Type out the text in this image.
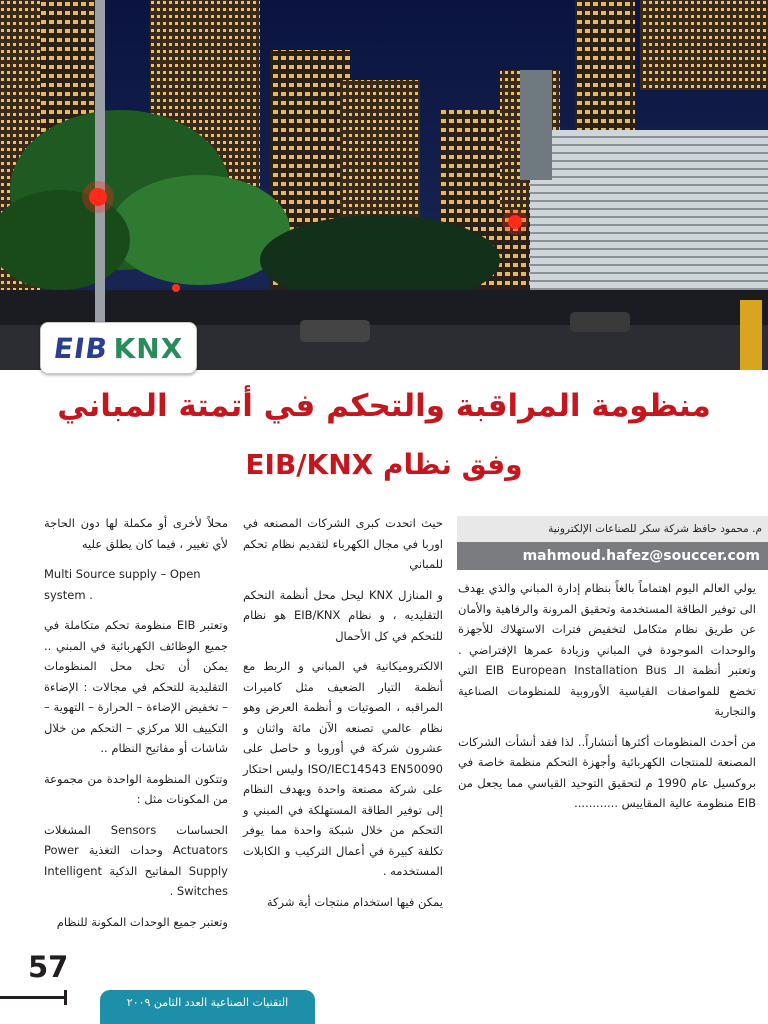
EIB KNX
منظومة المراقبة والتحكم في أتمتة المباني
وفق نظام EIB/KNX
م. محمود حافظ شركة سكر للصناعات الإلكترونية
mahmoud.hafez@souccer.com

يولي العالم اليوم اهتماماً بالغاً بنظام إدارة المباني والذي يهدف الى توفير الطاقة المستخدمة وتحقيق المرونة والرفاهية والأمان عن طريق نظام متكامل لتخفيض فترات الاستهلاك للأجهزة والوحدات الموجودة في المباني وزيادة عمرها الإفتراضي . وتعتبر أنظمة الـ EIB European Installation Bus التي تخضع للمواصفات القياسية الأوروبية للمنظومات الصناعية والتجارية

من أحدث المنظومات أكثرها أنتشاراً.. لذا فقد أنشأت الشركات المصنعة للمنتجات الكهربائية وأجهزة التحكم منظمة خاصة في بروكسيل عام 1990 م لتحقيق التوحيد القياسي مما يجعل من EIB منظومة عالية المقاييس ............

حيث اتحدت كبرى الشركات المصنعه في اوربا في مجال الكهرباء لتقديم نظام تحكم للمباني

و المنازل KNX ليحل محل أنظمة التحكم التقليديه ، و نظام EIB/KNX هو نظام للتحكم في كل الأحمال

الالكتروميكانية في المباني و الربط مع أنظمة التيار الضعيف مثل كاميرات المراقبه ، الصوتيات و أنظمة العرض وهو نظام عالمي تصنعه الآن مائة واثنان و عشرون شركة في أوروبا و حاصل على ISO/IEC14543 EN50090 وليس احتكار على شركة مصنعة واحدة ويهدف النظام إلى توفير الطاقة المستهلكة في المبني و التحكم من خلال شبكة واحدة مما يوفر تكلفة كبيرة في أعمال التركيب و الكابلات المستخدمه .

يمكن فيها استخدام منتجات أية شركة

محلاً لأخرى أو مكملة لها دون الحاجة لأي تغيير ، فيما كان يطلق عليه

Multi Source supply – Open system .

وتعتبر EIB منظومة تحكم متكاملة في جميع الوظائف الكهربائية في المبني .. يمكن أن تحل محل المنظومات التقليدية للتحكم في مجالات : الإضاءة – تخفيض الإضاءة – الحرارة – التهوية – التكييف اللا مركزي – التحكم من خلال شاشات أو مفاتيح النظام ..

وتتكون المنظومة الواحدة من مجموعة من المكونات مثل :

الحساسات Sensors المشغلات Actuators وحدات التغذية Power Supply المفاتيح الذكية Intelligent Switches .

وتعتبر جميع الوحدات المكونة للنظام

57
التقنيات الصناعية العدد الثامن ٢٠٠٩
